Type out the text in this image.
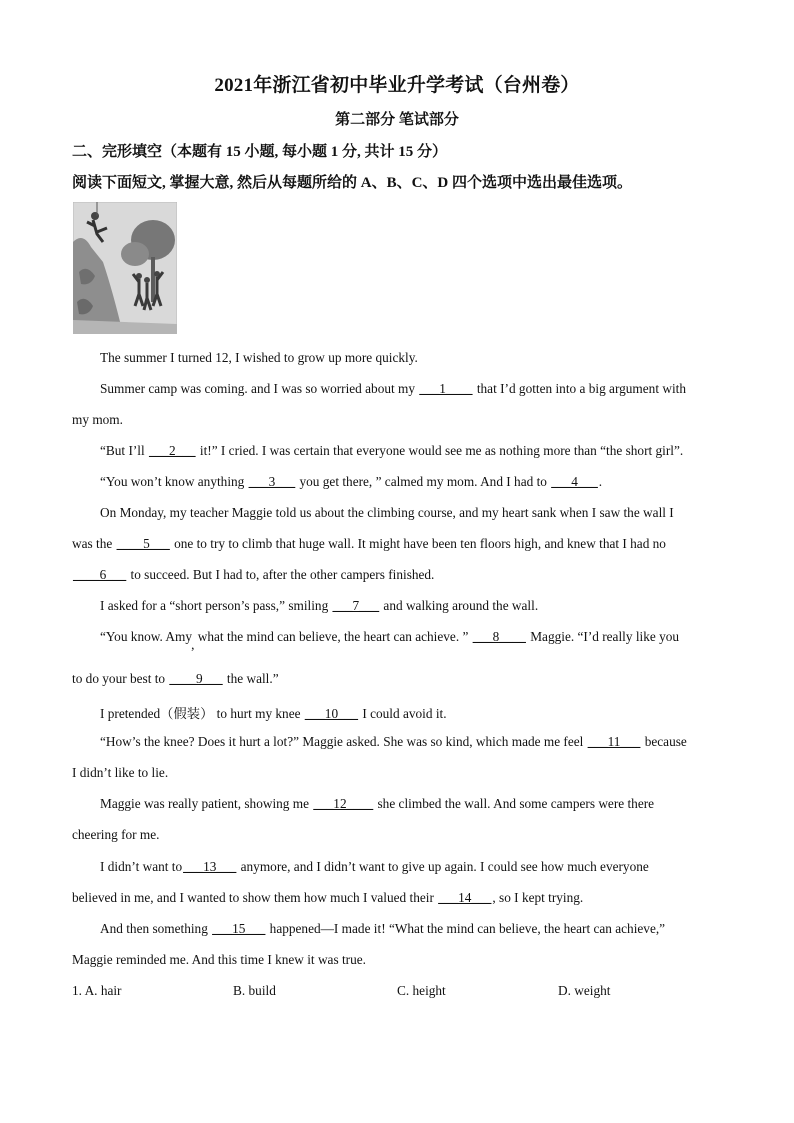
2021年浙江省初中毕业升学考试（台州卷）
第二部分 笔试部分
二、完形填空（本题有 15 小题, 每小题 1 分, 共计 15 分）
阅读下面短文, 掌握大意, 然后从每题所给的 A、B、C、D 四个选项中选出最佳选项。
The summer I turned 12, I wished to grow up more quickly.
Summer camp was coming. and I was so worried about my ___1____ that I’d gotten into a big argument with
my mom.
“But I’ll ___2___ it!” I cried. I was certain that everyone would see me as nothing more than “the short girl”.
“You won’t know anything ___3___ you get there, ” calmed my mom. And I had to ___4___.
On Monday, my teacher Maggie told us about the climbing course, and my heart sank when I saw the wall I
was the ____5___ one to try to climb that huge wall. It might have been ten floors high, and knew that I had no
____6___ to succeed. But I had to, after the other campers finished.
I asked for a “short person’s pass,” smiling ___7___ and walking around the wall.
“You know. Amy, what the mind can believe, the heart can achieve. ” ___8____ Maggie. “I’d really like you
to do your best to ____9___ the wall.”
I pretended（假装） to hurt my knee ___10___ I could avoid it.
“How’s the knee? Does it hurt a lot?” Maggie asked. She was so kind, which made me feel ___11___ because
I didn’t like to lie.
Maggie was really patient, showing me ___12____ she climbed the wall. And some campers were there
cheering for me.
I didn’t want to___13___ anymore, and I didn’t want to give up again. I could see how much everyone
believed in me, and I wanted to show them how much I valued their ___14___, so I kept trying.
And then something ___15___ happened—I made it! “What the mind can believe, the heart can achieve,”
Maggie reminded me. And this time I knew it was true.
1. A. hair	B. build	C. height	D. weight
